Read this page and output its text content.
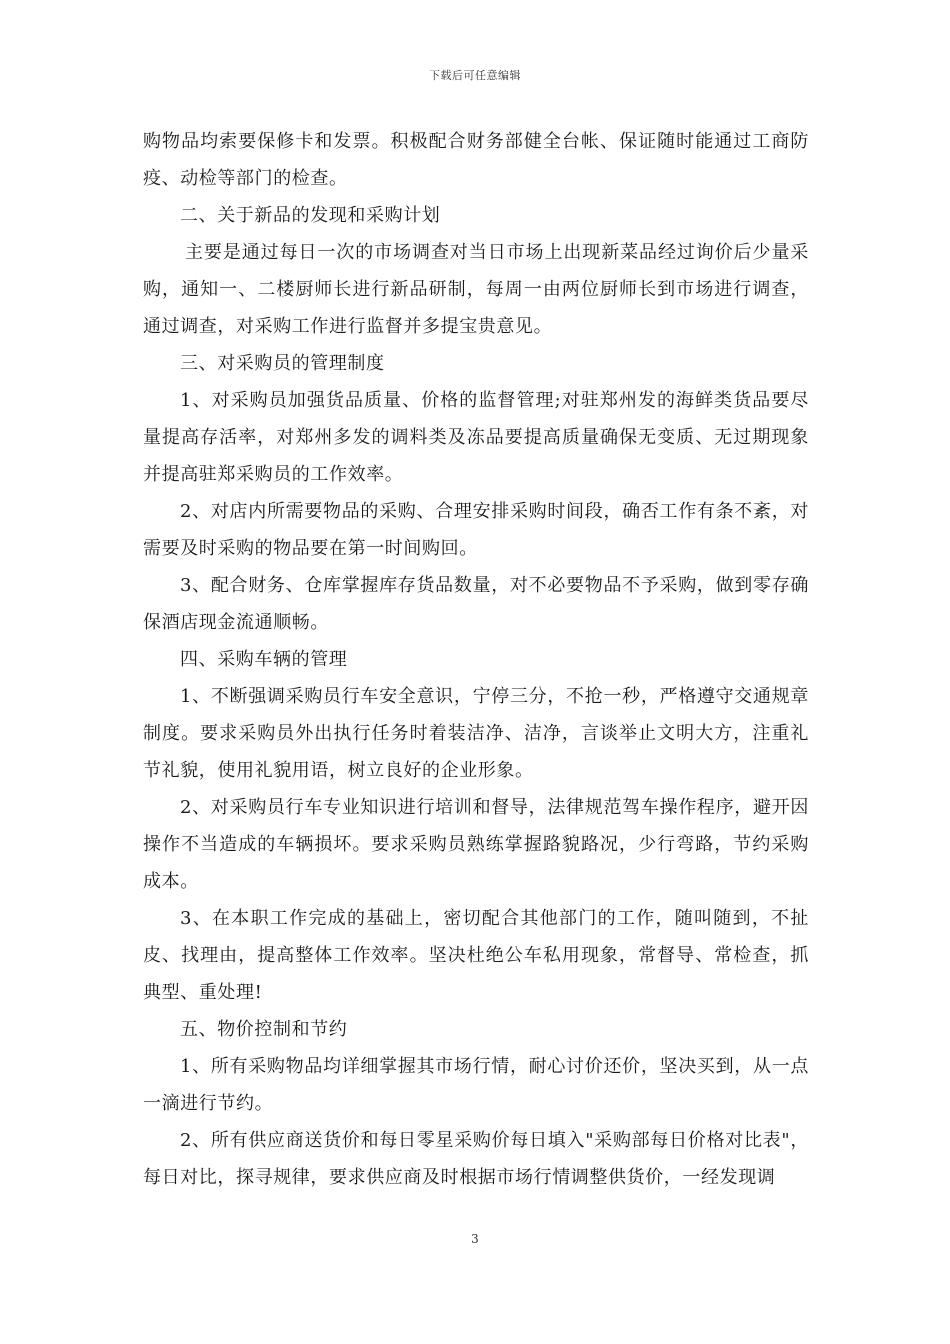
下载后可任意编辑

购物品均索要保修卡和发票。积极配合财务部健全台帐、保证随时能通过工商防疫、动检等部门的检查。

二、关于新品的发现和采购计划

主要是通过每日一次的市场调查对当日市场上出现新菜品经过询价后少量采购，通知一、二楼厨师长进行新品研制，每周一由两位厨师长到市场进行调查，通过调查，对采购工作进行监督并多提宝贵意见。

三、对采购员的管理制度

1、对采购员加强货品质量、价格的监督管理;对驻郑州发的海鲜类货品要尽量提高存活率，对郑州多发的调料类及冻品要提高质量确保无变质、无过期现象并提高驻郑采购员的工作效率。

2、对店内所需要物品的采购、合理安排采购时间段，确否工作有条不紊，对需要及时采购的物品要在第一时间购回。

3、配合财务、仓库掌握库存货品数量，对不必要物品不予采购，做到零存确保酒店现金流通顺畅。

四、采购车辆的管理

1、不断强调采购员行车安全意识，宁停三分，不抢一秒，严格遵守交通规章制度。要求采购员外出执行任务时着装洁净、洁净，言谈举止文明大方，注重礼节礼貌，使用礼貌用语，树立良好的企业形象。

2、对采购员行车专业知识进行培训和督导，法律规范驾车操作程序，避开因操作不当造成的车辆损坏。要求采购员熟练掌握路貌路况，少行弯路，节约采购成本。

3、在本职工作完成的基础上，密切配合其他部门的工作，随叫随到，不扯皮、找理由，提高整体工作效率。坚决杜绝公车私用现象，常督导、常检查，抓典型、重处理!

五、物价控制和节约

1、所有采购物品均详细掌握其市场行情，耐心讨价还价，坚决买到，从一点一滴进行节约。

2、所有供应商送货价和每日零星采购价每日填入"采购部每日价格对比表"，每日对比，探寻规律，要求供应商及时根据市场行情调整供货价，一经发现调

3
